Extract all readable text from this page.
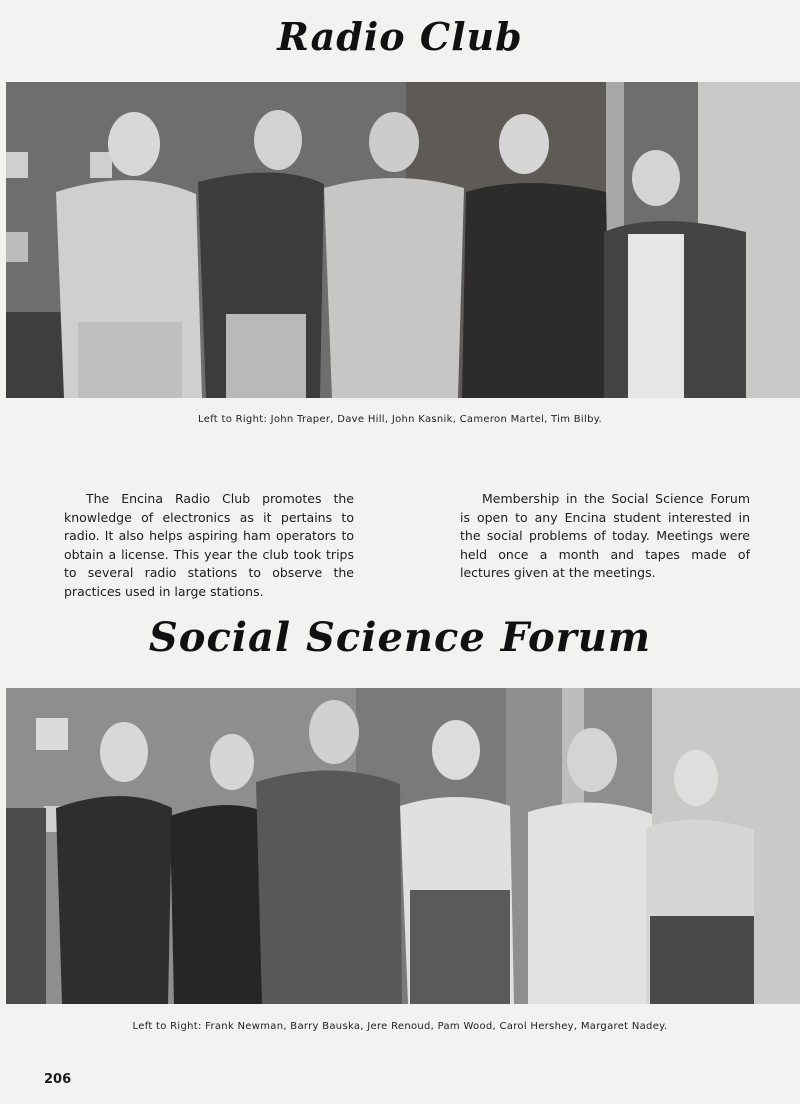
Radio Club
Left to Right: John Traper, Dave Hill, John Kasnik, Cameron Martel, Tim Bilby.
The Encina Radio Club promotes the knowledge of electronics as it pertains to radio. It also helps aspiring ham operators to obtain a license. This year the club took trips to several radio stations to observe the practices used in large stations.
Membership in the Social Science Forum is open to any Encina student interested in the social problems of today. Meetings were held once a month and tapes made of lectures given at the meetings.
Social Science Forum
Left to Right: Frank Newman, Barry Bauska, Jere Renoud, Pam Wood, Carol Hershey, Margaret Nadey.
206
